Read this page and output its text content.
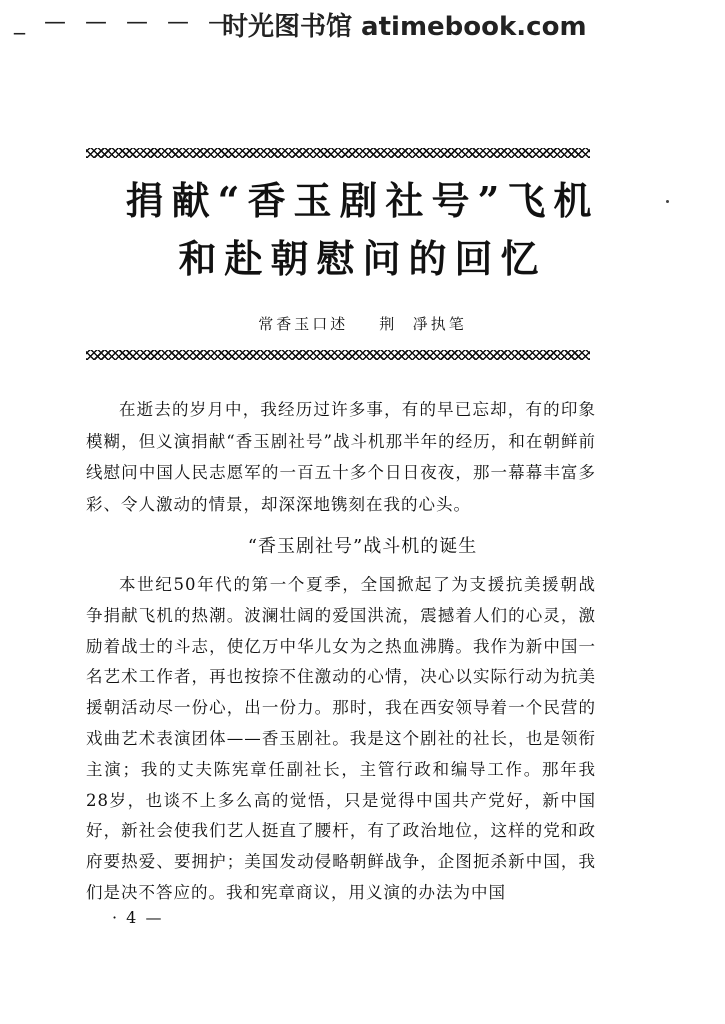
_ — — — — —
时光图书馆 atimebook.com
捐献“香玉剧社号”飞机
和赴朝慰问的回忆
常香玉口述    荆  凈执笔
在逝去的岁月中，我经历过许多事，有的早已忘却，有的印象模糊，但义演捐献“香玉剧社号”战斗机那半年的经历，和在朝鲜前线慰问中国人民志愿军的一百五十多个日日夜夜，那一幕幕丰富多彩、令人激动的情景，却深深地镌刻在我的心头。
“香玉剧社号”战斗机的诞生
本世纪50年代的第一个夏季，全国掀起了为支援抗美援朝战争捐献飞机的热潮。波澜壮阔的爱国洪流，震撼着人们的心灵，激励着战士的斗志，使亿万中华儿女为之热血沸腾。我作为新中国一名艺术工作者，再也按捺不住激动的心情，决心以实际行动为抗美援朝活动尽一份心，出一份力。那时，我在西安领导着一个民营的戏曲艺术表演团体——香玉剧社。我是这个剧社的社长，也是领衔主演；我的丈夫陈宪章任副社长，主管行政和编导工作。那年我28岁，也谈不上多么高的觉悟，只是觉得中国共产党好，新中国好，新社会使我们艺人挺直了腰杆，有了政治地位，这样的党和政府要热爱、要拥护；美国发动侵略朝鲜战争，企图扼杀新中国，我们是决不答应的。我和宪章商议，用义演的办法为中国
· 4 —
